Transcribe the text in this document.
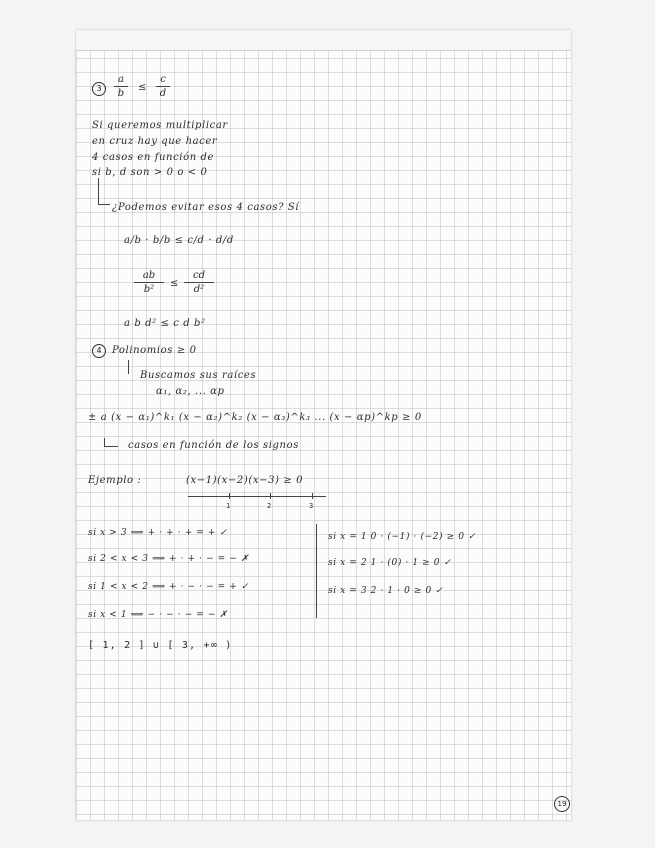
3
a
b
≤
c
d
Si queremos multiplicar
en cruz hay que hacer
4 casos en función de
si b, d son > 0 o < 0
¿Podemos evitar esos 4 casos? Sí
a/b · b/b ≤ c/d · d/d
ab
b²
≤
cd
d²
a b d² ≤ c d b²
4	Polinomios ≥ 0
Buscamos sus raíces
α₁, α₂, ... αp
± a (x − α₁)^k₁ (x − α₂)^k₂ (x − α₃)^k₃ ... (x − αp)^kp ≥ 0
casos en función de los signos
Ejemplo :	(x−1)(x−2)(x−3) ≥ 0
1	2	3
si x > 3 ⟹ + · + · + = + ✓
si 2 < x < 3 ⟹ + · + · − = − ✗
si 1 < x < 2 ⟹ + · − · − = + ✓
si x < 1 ⟹ − · − · − = − ✗
si x = 1 0 · (−1) · (−2) ≥ 0 ✓
si x = 2 1 · (0) · 1 ≥ 0 ✓
si x = 3 2 · 1 · 0 ≥ 0 ✓
[ 1, 2 ] ∪ [ 3, +∞ )
19
